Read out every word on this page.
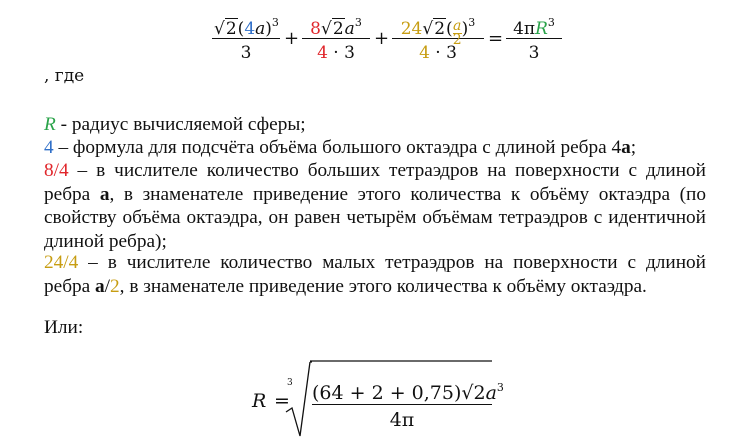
$√2(4a)^3$
3
+ $8√2a^3$
4 · 3
+ $24√2( \frac{a}{2} )^3$
4 · 3
= $4\pi R^3$
3
, где
R - радиус вычисляемой сферы;
4 – формула для подсчёта объёма большого октаэдра с длиной ребра 4a;
8/4 – в числителе количество больших тетраэдров на поверхности с длиной ребра a, в знаменателе приведение этого количества к объёму октаэдра (по свойству объёма октаэдра, он равен четырём объёмам тетраэдров с идентичной длиной ребра);
24/4 – в числителе количество малых тетраэдров на поверхности с длиной ребра a/2, в знаменателе приведение этого количества к объёму октаэдра.
Или:
R =
3 $(64 + 2 + 0,75)√2a^3$
4π
